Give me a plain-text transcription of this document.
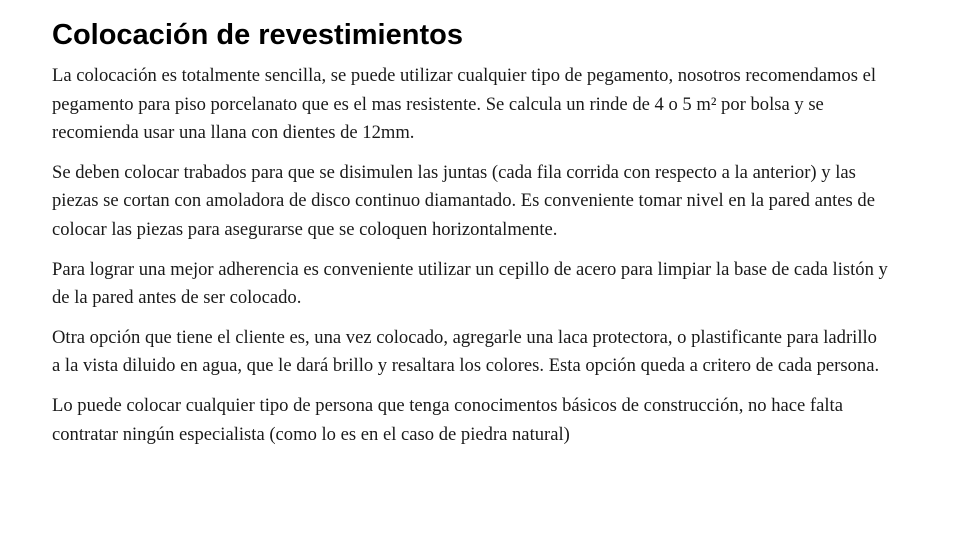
Colocación de revestimientos

La colocación es totalmente sencilla, se puede utilizar cualquier tipo de pegamento, nosotros recomendamos el pegamento para piso porcelanato que es el mas resistente. Se calcula un rinde de 4 o 5 m² por bolsa y se recomienda usar una llana con dientes de 12mm.

Se deben colocar trabados para que se disimulen las juntas (cada fila corrida con respecto a la anterior) y las piezas se cortan con amoladora de disco continuo diamantado. Es conveniente tomar nivel en la pared antes de colocar las piezas para asegurarse que se coloquen horizontalmente.

Para lograr una mejor adherencia es conveniente utilizar un cepillo de acero para limpiar la base de cada listón y de la pared antes de ser colocado.

Otra opción que tiene el cliente es, una vez colocado, agregarle una laca protectora, o plastificante para ladrillo a la vista diluido en agua, que le dará brillo y resaltara los colores. Esta opción queda a critero de cada persona.

Lo puede colocar cualquier tipo de persona que tenga conocimentos básicos de construcción, no hace falta contratar ningún especialista (como lo es en el caso de piedra natural)
